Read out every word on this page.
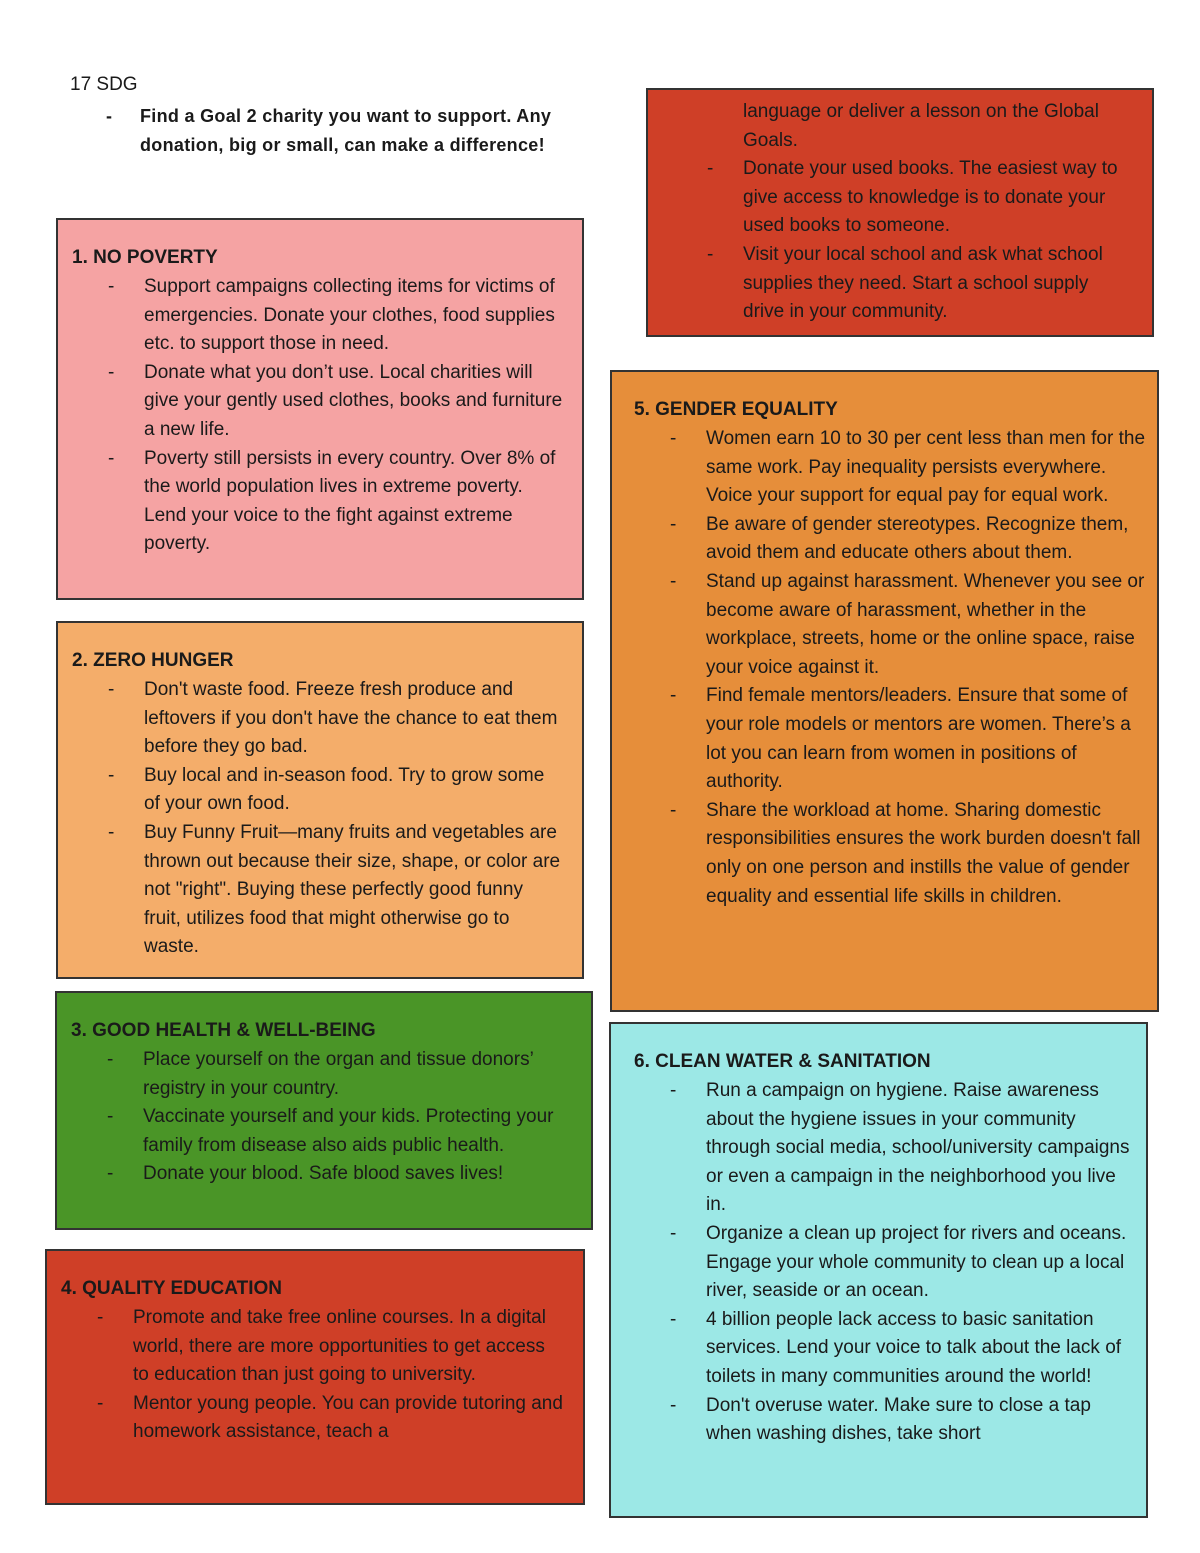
17 SDG
-	Find a Goal 2 charity you want to support. Any donation, big or small, can make a difference!
1. NO POVERTY
-	Support campaigns collecting items for victims of emergencies. Donate your clothes, food supplies etc. to support those in need.
-	Donate what you don’t use. Local charities will give your gently used clothes, books and furniture a new life.
-	Poverty still persists in every country. Over 8% of the world population lives in extreme poverty. Lend your voice to the fight against extreme poverty.
2. ZERO HUNGER
-	Don't waste food. Freeze fresh produce and leftovers if you don't have the chance to eat them before they go bad.
-	Buy local and in-season food. Try to grow some of your own food.
-	Buy Funny Fruit—many fruits and vegetables are thrown out because their size, shape, or color are not "right". Buying these perfectly good funny fruit, utilizes food that might otherwise go to waste.
3. GOOD HEALTH & WELL-BEING
-	Place yourself on the organ and tissue donors’ registry in your country.
-	Vaccinate yourself and your kids. Protecting your family from disease also aids public health.
-	Donate your blood. Safe blood saves lives!
4. QUALITY EDUCATION
-	Promote and take free online courses. In a digital world, there are more opportunities to get access to education than just going to university.
-	Mentor young people. You can provide tutoring and homework assistance, teach a
language or deliver a lesson on the Global Goals.
-	Donate your used books. The easiest way to give access to knowledge is to donate your used books to someone.
-	Visit your local school and ask what school supplies they need. Start a school supply drive in your community.
5. GENDER EQUALITY
-	Women earn 10 to 30 per cent less than men for the same work. Pay inequality persists everywhere. Voice your support for equal pay for equal work.
-	Be aware of gender stereotypes. Recognize them, avoid them and educate others about them.
-	Stand up against harassment. Whenever you see or become aware of harassment, whether in the workplace, streets, home or the online space, raise your voice against it.
-	Find female mentors/leaders. Ensure that some of your role models or mentors are women. There’s a lot you can learn from women in positions of authority.
-	Share the workload at home. Sharing domestic responsibilities ensures the work burden doesn't fall only on one person and instills the value of gender equality and essential life skills in children.
6. CLEAN WATER & SANITATION
-	Run a campaign on hygiene. Raise awareness about the hygiene issues in your community through social media, school/university campaigns or even a campaign in the neighborhood you live in.
-	Organize a clean up project for rivers and oceans. Engage your whole community to clean up a local river, seaside or an ocean.
-	4 billion people lack access to basic sanitation services. Lend your voice to talk about the lack of toilets in many communities around the world!
-	Don't overuse water. Make sure to close a tap when washing dishes, take short
